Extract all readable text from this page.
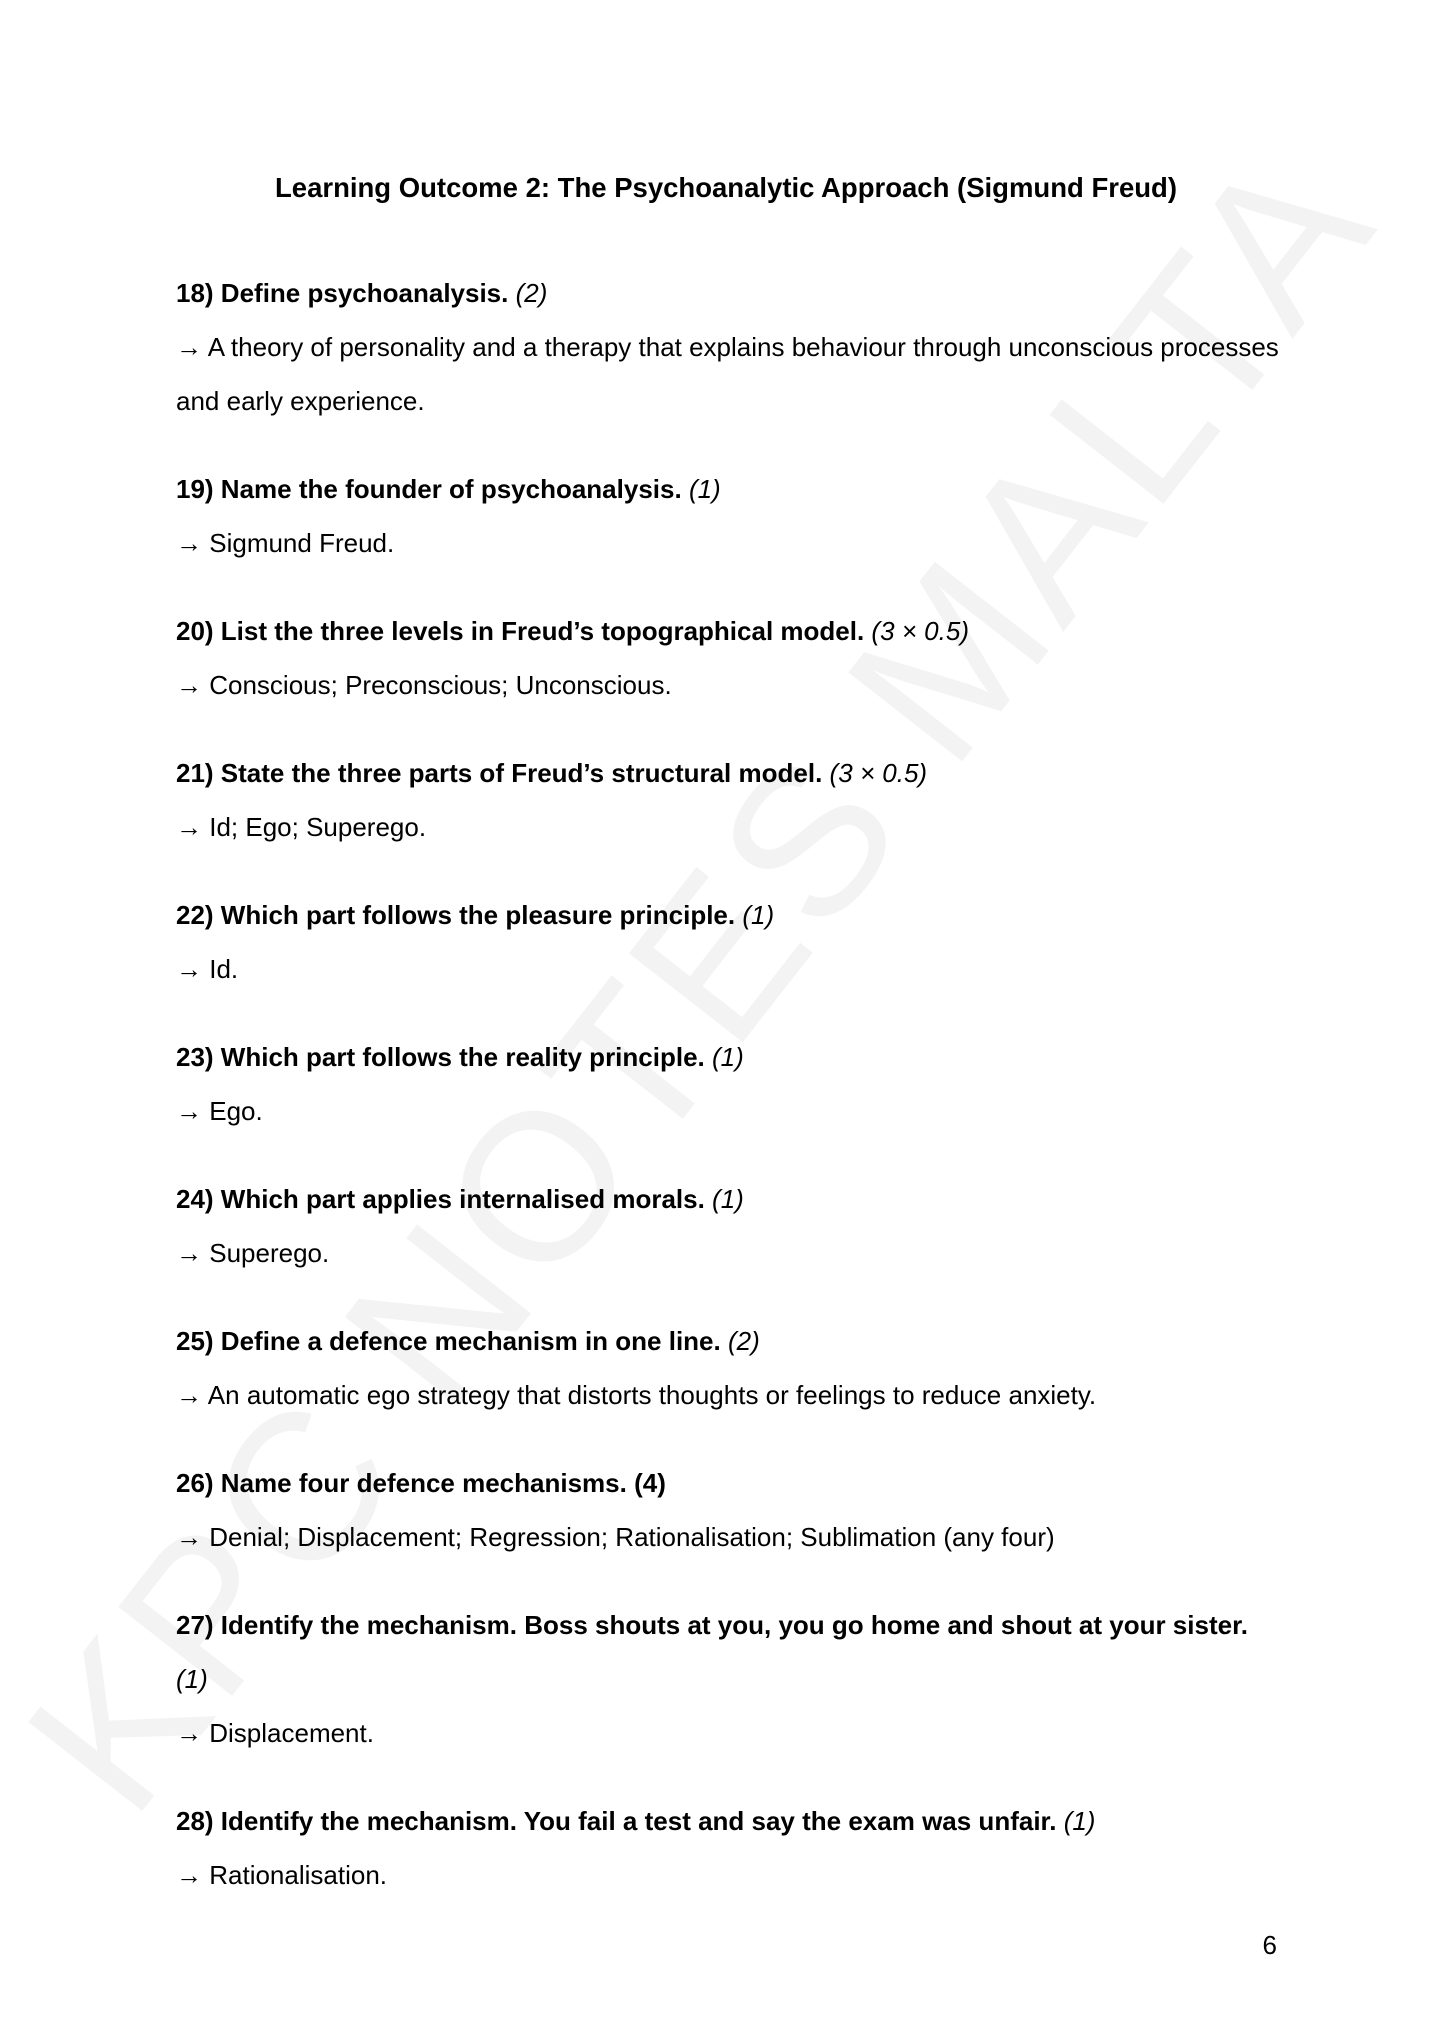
Learning Outcome 2: The Psychoanalytic Approach (Sigmund Freud)

18) Define psychoanalysis. (2)

→ A theory of personality and a therapy that explains behaviour through unconscious processes and early experience.

19) Name the founder of psychoanalysis. (1)

→ Sigmund Freud.

20) List the three levels in Freud’s topographical model. (3 × 0.5)

→ Conscious; Preconscious; Unconscious.

21) State the three parts of Freud’s structural model. (3 × 0.5)

→ Id; Ego; Superego.

22) Which part follows the pleasure principle. (1)

→ Id.

23) Which part follows the reality principle. (1)

→ Ego.

24) Which part applies internalised morals. (1)

→ Superego.

25) Define a defence mechanism in one line. (2)

→ An automatic ego strategy that distorts thoughts or feelings to reduce anxiety.

26) Name four defence mechanisms. (4)

→ Denial; Displacement; Regression; Rationalisation; Sublimation (any four)

27) Identify the mechanism. Boss shouts at you, you go home and shout at your sister. (1)

→ Displacement.

28) Identify the mechanism. You fail a test and say the exam was unfair. (1)

→ Rationalisation.

6
